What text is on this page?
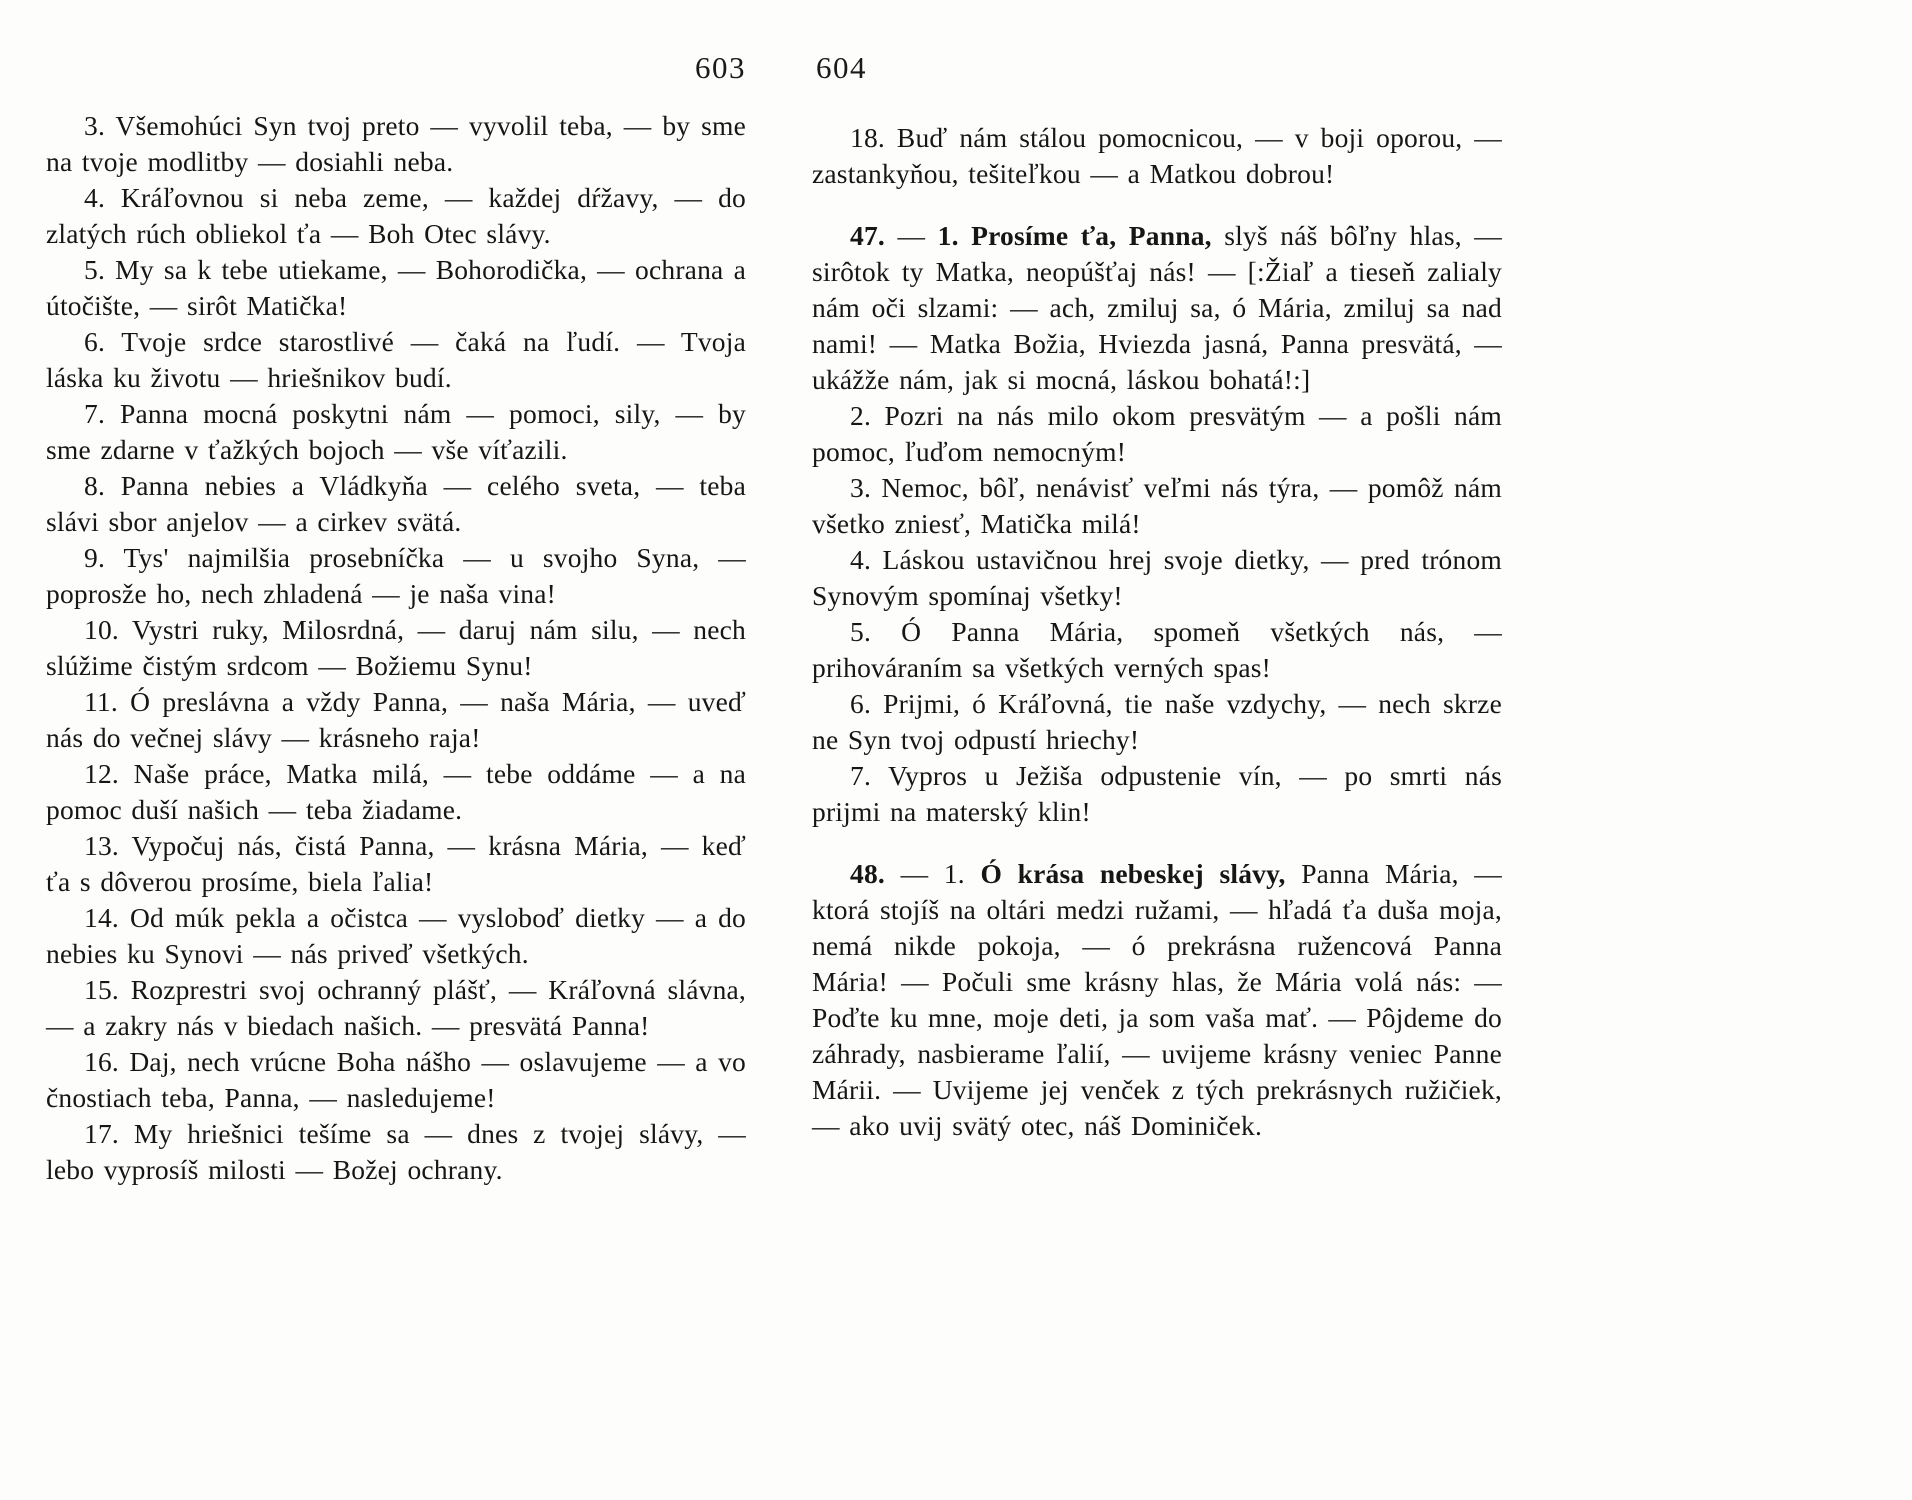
603 604

3. Všemohúci Syn tvoj preto — vyvolil teba, — by sme na tvoje modlitby — dosiahli neba.

4. Kráľovnou si neba zeme, — každej dŕžavy, — do zlatých rúch obliekol ťa — Boh Otec slávy.

5. My sa k tebe utiekame, — Bohorodička, — ochrana a útočište, — sirôt Matička!

6. Tvoje srdce starostlivé — čaká na ľudí. — Tvoja láska ku životu — hriešnikov budí.

7. Panna mocná poskytni nám — pomoci, sily, — by sme zdarne v ťažkých bojoch — vše víťazili.

8. Panna nebies a Vládkyňa — celého sveta, — teba slávi sbor anjelov — a cirkev svätá.

9. Tys' najmilšia prosebníčka — u svojho Syna, — poprosže ho, nech zhladená — je naša vina!

10. Vystri ruky, Milosrdná, — daruj nám silu, — nech slúžime čistým srdcom — Božiemu Synu!

11. Ó preslávna a vždy Panna, — naša Mária, — uveď nás do večnej slávy — krásneho raja!

12. Naše práce, Matka milá, — tebe oddáme — a na pomoc duší našich — teba žiadame.

13. Vypočuj nás, čistá Panna, — krásna Mária, — keď ťa s dôverou prosíme, biela ľalia!

14. Od múk pekla a očistca — vysloboď dietky — a do nebies ku Synovi — nás priveď všetkých.

15. Rozprestri svoj ochranný plášť, — Kráľovná slávna, — a zakry nás v biedach našich. — presvätá Panna!

16. Daj, nech vrúcne Boha nášho — oslavujeme — a vo čnostiach teba, Panna, — nasledujeme!

17. My hriešnici tešíme sa — dnes z tvojej slávy, — lebo vyprosíš milosti — Božej ochrany.

18. Buď nám stálou pomocnicou, — v boji oporou, — zastankyňou, tešiteľkou — a Matkou dobrou!

47. — 1. Prosíme ťa, Panna, slyš náš bôľny hlas, — sirôtok ty Matka, neopúšťaj nás! — [:Žiaľ a tieseň zalialy nám oči slzami: — ach, zmiluj sa, ó Mária, zmiluj sa nad nami! — Matka Božia, Hviezda jasná, Panna presvätá, — ukážže nám, jak si mocná, láskou bohatá!:]

2. Pozri na nás milo okom presvätým — a pošli nám pomoc, ľuďom nemocným!

3. Nemoc, bôľ, nenávisť veľmi nás týra, — pomôž nám všetko zniesť, Matička milá!

4. Láskou ustavičnou hrej svoje dietky, — pred trónom Synovým spomínaj všetky!

5. Ó Panna Mária, spomeň všetkých nás, — prihováraním sa všetkých verných spas!

6. Prijmi, ó Kráľovná, tie naše vzdychy, — nech skrze ne Syn tvoj odpustí hriechy!

7. Vypros u Ježiša odpustenie vín, — po smrti nás prijmi na materský klin!

48. — 1. Ó krása nebeskej slávy, Panna Mária, — ktorá stojíš na oltári medzi ružami, — hľadá ťa duša moja, nemá nikde pokoja, — ó prekrásna ružencová Panna Mária! — Počuli sme krásny hlas, že Mária volá nás: — Poďte ku mne, moje deti, ja som vaša mať. — Pôjdeme do záhrady, nasbierame ľalií, — uvijeme krásny veniec Panne Márii. — Uvijeme jej venček z tých prekrásnych ružičiek, — ako uvij svätý otec, náš Dominiček.
